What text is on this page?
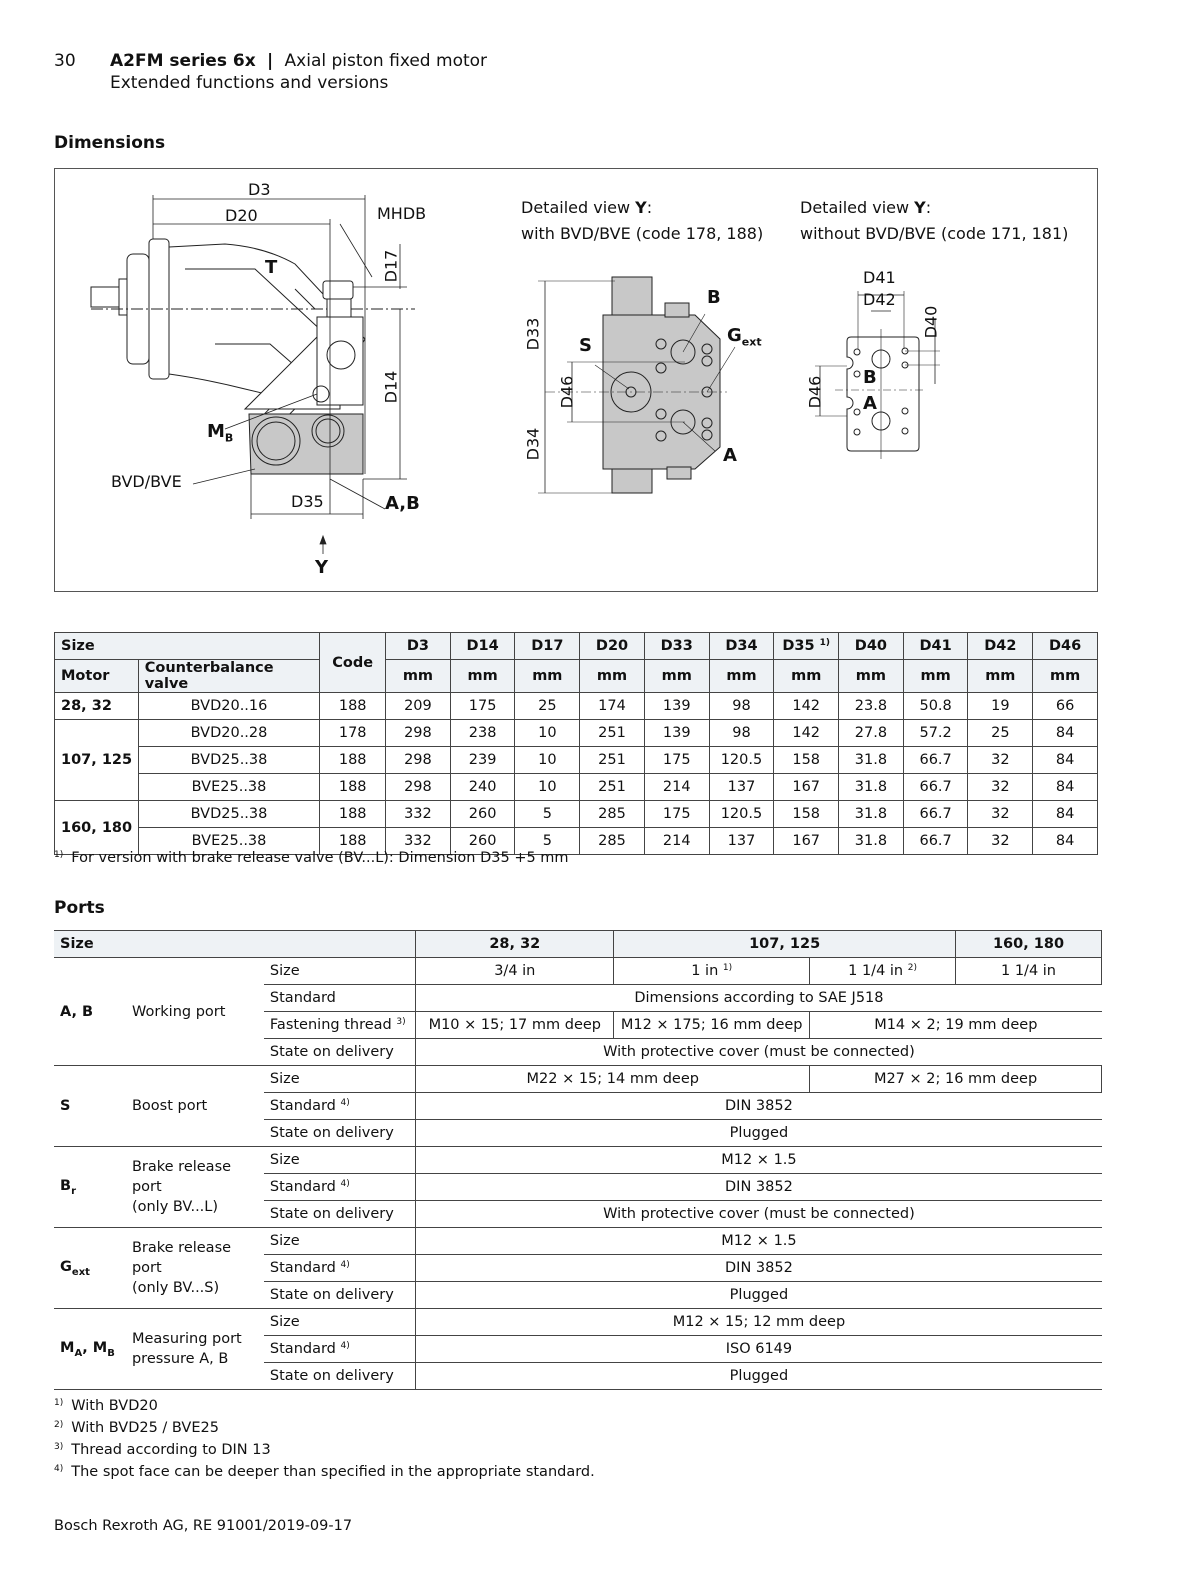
30	A2FM series 6x | Axial piston fixed motor
Extended functions and versions
Dimensions
D3
D20	MHDB
D17
T
D14
$M_B$
BVD/BVE
D35	A,B
Y
Detailed view Y:
with BVD/BVE (code 178, 188)
B
$G_{ext}$
S
A
D33
D46
D34
Detailed view Y:
without BVD/BVE (code 171, 181)
D41
D42
D40
D46 B
A
Size		Code	D3	D14	D17	D20	D33	D34	D35 $^{1)}$	D40	D41	D42	D46
Motor	Counterbalance valve		mm	mm	mm	mm	mm	mm	mm	mm	mm	mm	mm
28, 32	BVD20..16	188	209	175	25	174	139	98	142	23.8	50.8	19	66
107, 125	BVD20..28	178	298	238	10	251	139	98	142	27.8	57.2	25	84
	BVD25..38	188	298	239	10	251	175	120.5	158	31.8	66.7	32	84
	BVE25..38	188	298	240	10	251	214	137	167	31.8	66.7	32	84
160, 180	BVD25..38	188	332	260	5	285	175	120.5	158	31.8	66.7	32	84
	BVE25..38	188	332	260	5	285	214	137	167	31.8	66.7	32	84
$^{1)}$ For version with brake release valve (BV...L): Dimension D35 +5 mm
Ports
Size			28, 32	107, 125		160, 180
A, B	Working port	Size	3/4 in	1 in $^{1)}$	1 1/4 in $^{2)}$	1 1/4 in
		Standard	Dimensions according to SAE J518			
		Fastening thread $^{3)}$	M10 × 15; 17 mm deep	M12 × 175; 16 mm deep	M14 × 2; 19 mm deep	
		State on delivery	With protective cover (must be connected)			
S	Boost port	Size	M22 × 15; 14 mm deep		M27 × 2; 16 mm deep	
		Standard $^{4)}$	DIN 3852			
		State on delivery	Plugged			
$B_r$	Brake release
port
(only BV...L)	Size	M12 × 1.5			
		Standard $^{4)}$	DIN 3852			
		State on delivery	With protective cover (must be connected)			
$G_{ext}$	Brake release
port
(only BV...S)	Size	M12 × 1.5			
		Standard $^{4)}$	DIN 3852			
		State on delivery	Plugged			
$M_A$, $M_B$	Measuring port
pressure A, B	Size	M12 × 15; 12 mm deep			
		Standard $^{4)}$	ISO 6149			
		State on delivery	Plugged			
$^{1)}$ With BVD20
$^{2)}$ With BVD25 / BVE25
$^{3)}$ Thread according to DIN 13
$^{4)}$ The spot face can be deeper than specified in the appropriate standard.
Bosch Rexroth AG, RE 91001/2019-09-17
